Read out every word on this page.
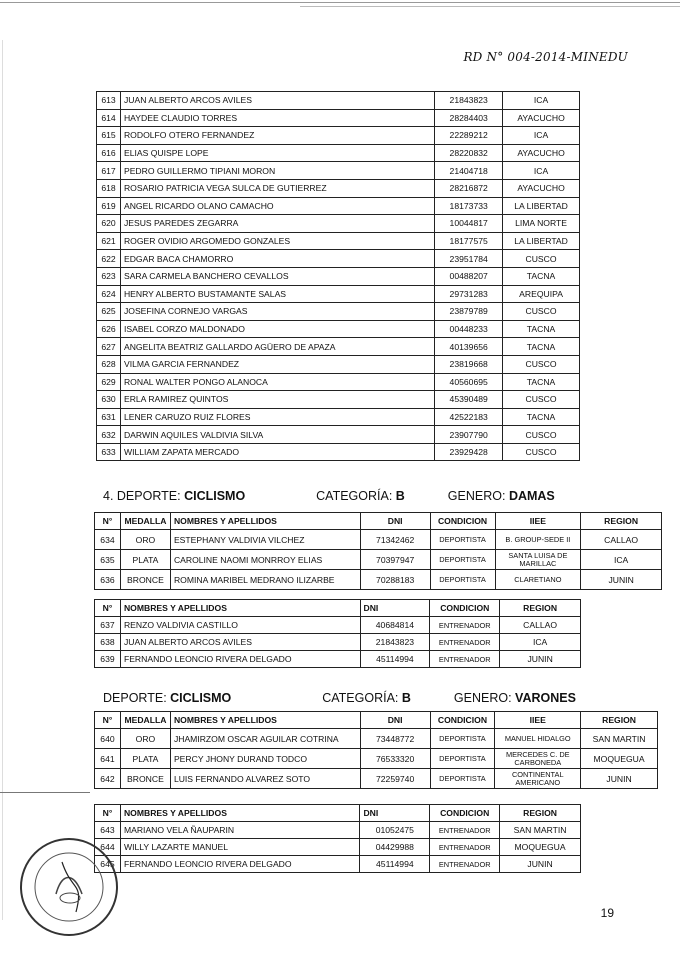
RD N° 004-2014-MINEDU
613	JUAN ALBERTO ARCOS AVILES	21843823	ICA
614	HAYDEE CLAUDIO TORRES	28284403	AYACUCHO
615	RODOLFO OTERO FERNANDEZ	22289212	ICA
616	ELIAS QUISPE LOPE	28220832	AYACUCHO
617	PEDRO GUILLERMO TIPIANI MORON	21404718	ICA
618	ROSARIO PATRICIA VEGA SULCA DE GUTIERREZ	28216872	AYACUCHO
619	ANGEL RICARDO OLANO CAMACHO	18173733	LA LIBERTAD
620	JESUS PAREDES ZEGARRA	10044817	LIMA NORTE
621	ROGER OVIDIO ARGOMEDO GONZALES	18177575	LA LIBERTAD
622	EDGAR BACA CHAMORRO	23951784	CUSCO
623	SARA CARMELA BANCHERO CEVALLOS	00488207	TACNA
624	HENRY ALBERTO BUSTAMANTE SALAS	29731283	AREQUIPA
625	JOSEFINA CORNEJO VARGAS	23879789	CUSCO
626	ISABEL CORZO MALDONADO	00448233	TACNA
627	ANGELITA BEATRIZ GALLARDO AGÜERO DE APAZA	40139656	TACNA
628	VILMA GARCIA FERNANDEZ	23819668	CUSCO
629	RONAL WALTER PONGO ALANOCA	40560695	TACNA
630	ERLA RAMIREZ QUINTOS	45390489	CUSCO
631	LENER CARUZO RUIZ FLORES	42522183	TACNA
632	DARWIN AQUILES VALDIVIA SILVA	23907790	CUSCO
633	WILLIAM ZAPATA MERCADO	23929428	CUSCO
4. DEPORTE: CICLISMO	CATEGORÍA: B	GENERO: DAMAS
N°	MEDALLA	NOMBRES Y APELLIDOS	DNI	CONDICION	IIEE	REGION
634	ORO	ESTEPHANY VALDIVIA VILCHEZ	71342462	DEPORTISTA	B. GROUP-SEDE II	CALLAO
635	PLATA	CAROLINE NAOMI MONRROY ELIAS	70397947	DEPORTISTA	SANTA LUISA DE MARILLAC	ICA
636	BRONCE	ROMINA MARIBEL MEDRANO ILIZARBE	70288183	DEPORTISTA	CLARETIANO	JUNIN
N°	NOMBRES Y APELLIDOS	DNI	CONDICION	REGION
637	RENZO VALDIVIA CASTILLO	40684814	ENTRENADOR	CALLAO
638	JUAN ALBERTO ARCOS AVILES	21843823	ENTRENADOR	ICA
639	FERNANDO LEONCIO RIVERA DELGADO	45114994	ENTRENADOR	JUNIN
DEPORTE: CICLISMO	CATEGORÍA: B	GENERO: VARONES
N°	MEDALLA	NOMBRES Y APELLIDOS	DNI	CONDICION	IIEE	REGION
640	ORO	JHAMIRZOM OSCAR AGUILAR COTRINA	73448772	DEPORTISTA	MANUEL HIDALGO	SAN MARTIN
641	PLATA	PERCY JHONY DURAND TODCO	76533320	DEPORTISTA	MERCEDES C. DE CARBONEDA	MOQUEGUA
642	BRONCE	LUIS FERNANDO ALVAREZ SOTO	72259740	DEPORTISTA	CONTINENTAL AMERICANO	JUNIN
N°	NOMBRES Y APELLIDOS	DNI	CONDICION	REGION
643	MARIANO VELA ÑAUPARIN	01052475	ENTRENADOR	SAN MARTIN
644	WILLY LAZARTE MANUEL	04429988	ENTRENADOR	MOQUEGUA
645	FERNANDO LEONCIO RIVERA DELGADO	45114994	ENTRENADOR	JUNIN
19
